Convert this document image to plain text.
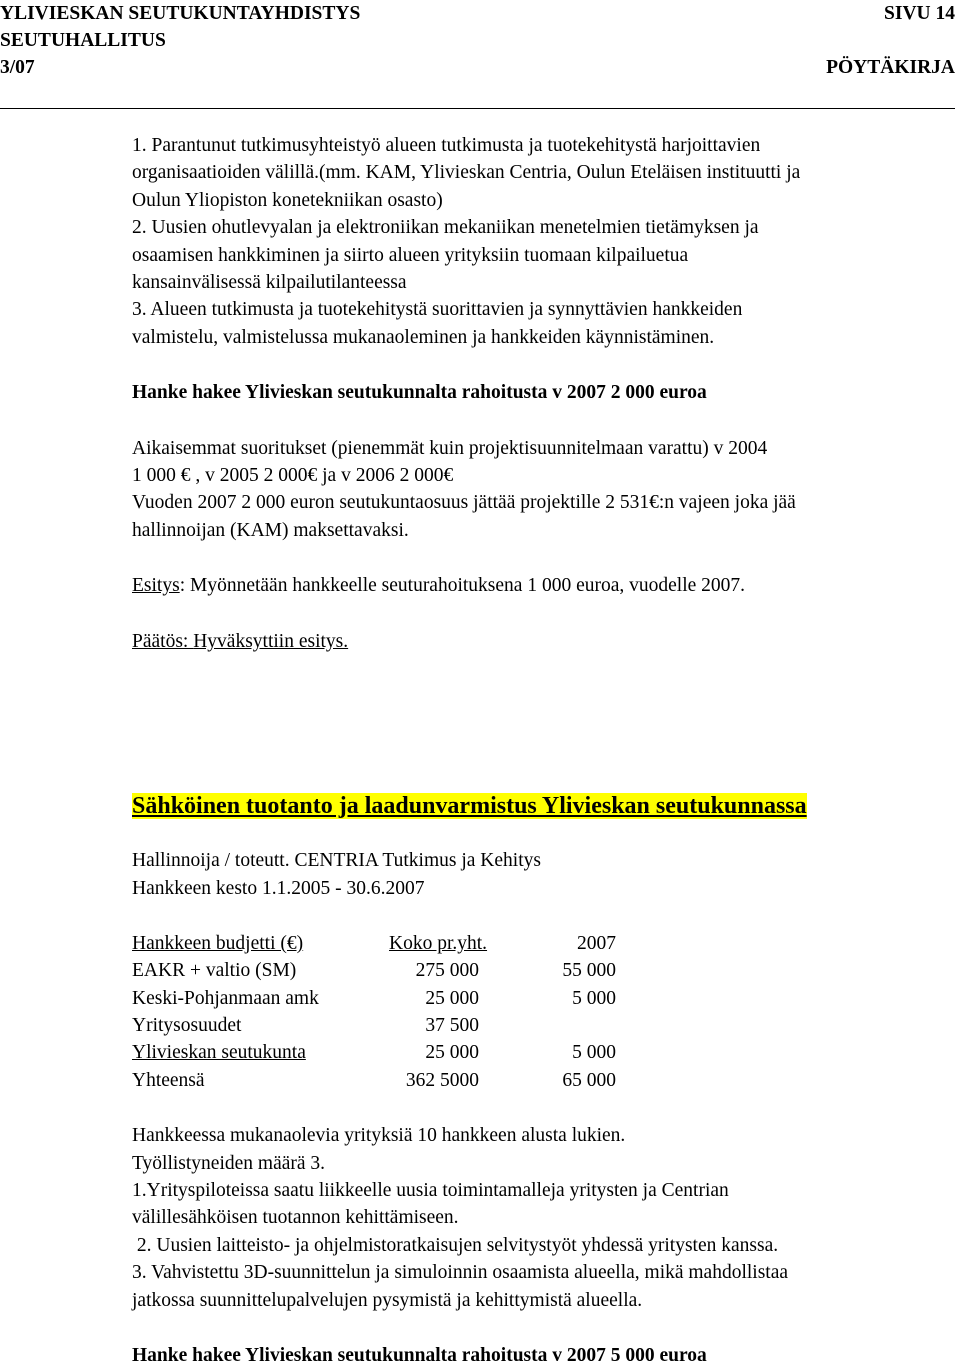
YLIVIESKAN SEUTUKUNTAYHDISTYS	SIVU 14
SEUTUHALLITUS
3/07	PÖYTÄKIRJA

1. Parantunut tutkimusyhteistyö alueen tutkimusta ja tuotekehitystä harjoittavien

organisaatioiden välillä.(mm. KAM, Ylivieskan Centria, Oulun Eteläisen instituutti ja

Oulun Yliopiston konetekniikan osasto)

2. Uusien ohutlevyalan ja elektroniikan mekaniikan menetelmien tietämyksen ja

osaamisen hankkiminen ja siirto alueen yrityksiin tuomaan kilpailuetua

kansainvälisessä kilpailutilanteessa

3. Alueen tutkimusta ja tuotekehitystä suorittavien ja synnyttävien hankkeiden

valmistelu, valmistelussa mukanaoleminen ja hankkeiden käynnistäminen.

Hanke hakee Ylivieskan seutukunnalta rahoitusta v 2007 2 000 euroa

Aikaisemmat suoritukset (pienemmät kuin projektisuunnitelmaan varattu) v 2004

1 000 € , v 2005 2 000€ ja v 2006 2 000€

Vuoden 2007 2 000 euron seutukuntaosuus jättää projektille 2 531€:n vajeen joka jää

hallinnoijan (KAM) maksettavaksi.

Esitys: Myönnetään hankkeelle seuturahoituksena 1 000 euroa, vuodelle 2007.

Päätös: Hyväksyttiin esitys.

Sähköinen tuotanto ja laadunvarmistus Ylivieskan seutukunnassa

Hallinnoija / toteutt. CENTRIA Tutkimus ja Kehitys

Hankkeen kesto 1.1.2005 - 30.6.2007

Hankkeen budjetti (€)	Koko pr.yht.	2007
EAKR + valtio (SM)	275 000	55 000
Keski-Pohjanmaan amk	25 000	5 000
Yritysosuudet	37 500
Ylivieskan seutukunta	25 000	5 000
Yhteensä	362 5000	65 000

Hankkeessa mukanaolevia yrityksiä 10 hankkeen alusta lukien.

Työllistyneiden määrä 3.

1.Yrityspiloteissa saatu liikkeelle uusia toimintamalleja yritysten ja Centrian

välillesähköisen tuotannon kehittämiseen.

2. Uusien laitteisto- ja ohjelmistoratkaisujen selvitystyöt yhdessä yritysten kanssa.

3. Vahvistettu 3D-suunnittelun ja simuloinnin osaamista alueella, mikä mahdollistaa

jatkossa suunnittelupalvelujen pysymistä ja kehittymistä alueella.

Hanke hakee Ylivieskan seutukunnalta rahoitusta v 2007 5 000 euroa
